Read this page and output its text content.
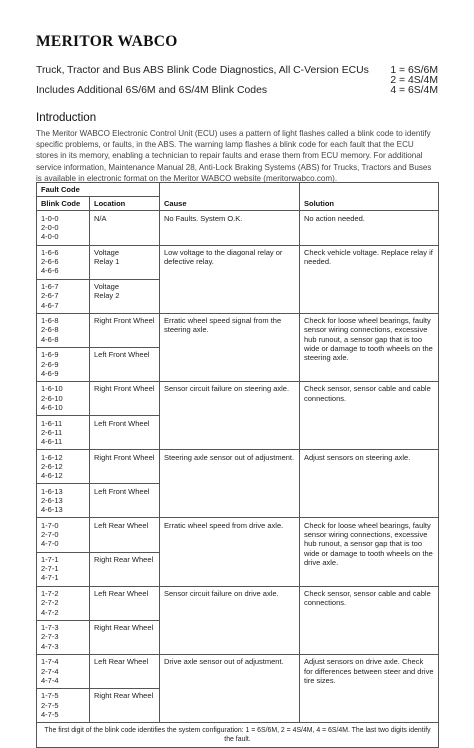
MERITOR WABCO
Truck, Tractor and Bus ABS Blink Code Diagnostics, All C-Version ECUs 1 = 6S/6M
2 = 4S/4M
Includes Additional 6S/6M and 6S/4M Blink Codes	4 = 6S/4M
Introduction
The Meritor WABCO Electronic Control Unit (ECU) uses a pattern of light flashes called a blink code to identify specific problems, or faults, in the ABS. The warning lamp flashes a blink code for each fault that the ECU stores in its memory, enabling a technician to repair faults and erase them from ECU memory. For additional service information, Maintenance Manual 28, Anti-Lock Braking Systems (ABS) for Trucks, Tractors and Buses is available in electronic format on the Meritor WABCO website (meritorwabco.com).
Fault Code			
Blink Code	Location	Cause	Solution
1-0-0
2-0-0
4-0-0	N/A	No Faults. System O.K.	No action needed.
1-6-6
2-6-6
4-6-6	Voltage
Relay 1	Low voltage to the diagonal relay or defective relay.	Check vehicle voltage. Replace relay if needed.
1-6-7
2-6-7
4-6-7	Voltage
Relay 2		
1-6-8
2-6-8
4-6-8	Right Front Wheel	Erratic wheel speed signal from the steering axle.	Check for loose wheel bearings, faulty sensor wiring connections, excessive hub runout, a sensor gap that is too wide or damage to tooth wheels on the steering axle.
1-6-9
2-6-9
4-6-9	Left Front Wheel		
1-6-10
2-6-10
4-6-10	Right Front Wheel	Sensor circuit failure on steering axle.	Check sensor, sensor cable and cable connections.
1-6-11
2-6-11
4-6-11	Left Front Wheel		
1-6-12
2-6-12
4-6-12	Right Front Wheel	Steering axle sensor out of adjustment.	Adjust sensors on steering axle.
1-6-13
2-6-13
4-6-13	Left Front Wheel		
1-7-0
2-7-0
4-7-0	Left Rear Wheel	Erratic wheel speed from drive axle.	Check for loose wheel bearings, faulty sensor wiring connections, excessive hub runout, a sensor gap that is too wide or damage to tooth wheels on the drive axle.
1-7-1
2-7-1
4-7-1	Right Rear Wheel		
1-7-2
2-7-2
4-7-2	Left Rear Wheel	Sensor circuit failure on drive axle.	Check sensor, sensor cable and cable connections.
1-7-3
2-7-3
4-7-3	Right Rear Wheel		
1-7-4
2-7-4
4-7-4	Left Rear Wheel	Drive axle sensor out of adjustment.	Adjust sensors on drive axle. Check for differences between steer and drive tire sizes.
1-7-5
2-7-5
4-7-5	Right Rear Wheel		
The first digit of the blink code identifies the system configuration: 1 = 6S/6M, 2 = 4S/4M, 4 = 6S/4M. The last two digits identify the fault.			
